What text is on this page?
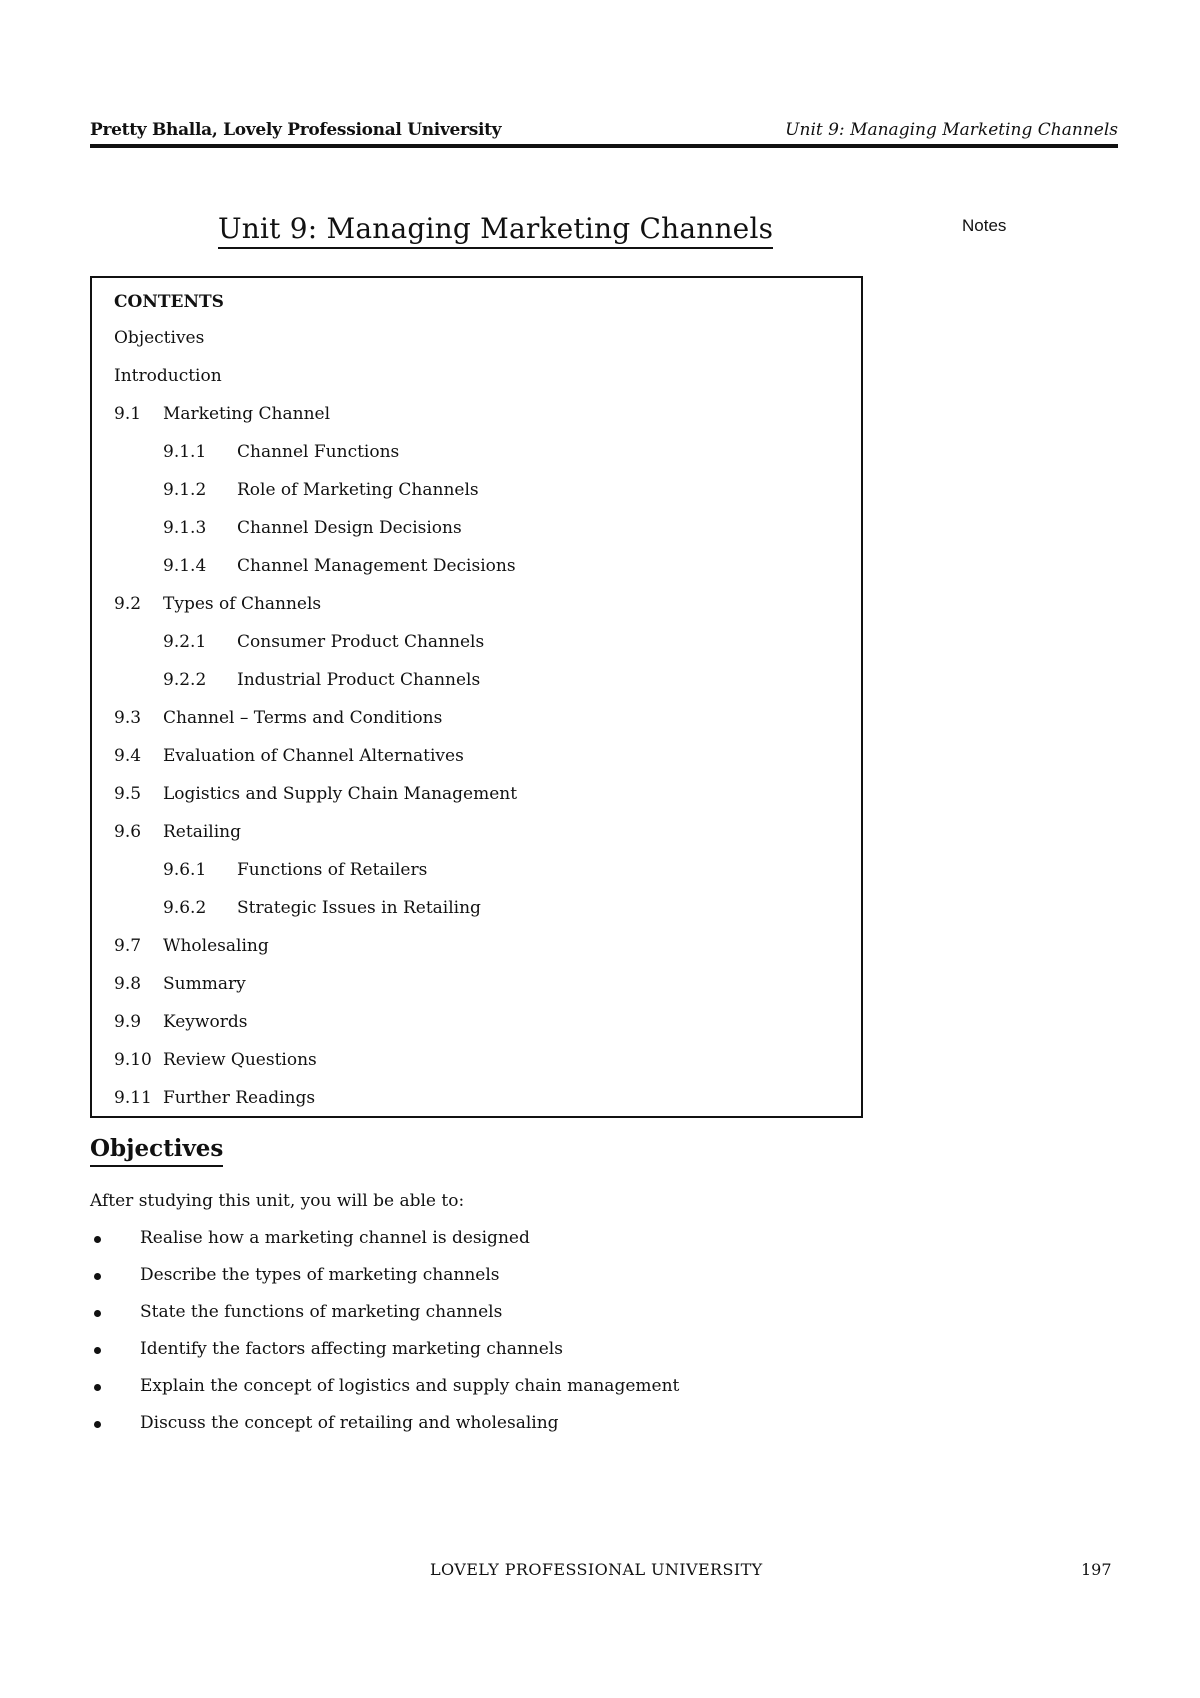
Pretty Bhalla, Lovely Professional University	Unit 9: Managing Marketing Channels
Unit 9: Managing Marketing Channels	Notes
CONTENTS
Objectives
Introduction
9.1 Marketing Channel
9.1.1 Channel Functions
9.1.2 Role of Marketing Channels
9.1.3 Channel Design Decisions
9.1.4 Channel Management Decisions
9.2 Types of Channels
9.2.1 Consumer Product Channels
9.2.2 Industrial Product Channels
9.3 Channel – Terms and Conditions
9.4 Evaluation of Channel Alternatives
9.5 Logistics and Supply Chain Management
9.6 Retailing
9.6.1 Functions of Retailers
9.6.2 Strategic Issues in Retailing
9.7 Wholesaling
9.8 Summary
9.9 Keywords
9.10 Review Questions
9.11 Further Readings
Objectives
After studying this unit, you will be able to:
Realise how a marketing channel is designed
Describe the types of marketing channels
State the functions of marketing channels
Identify the factors affecting marketing channels
Explain the concept of logistics and supply chain management
Discuss the concept of retailing and wholesaling
LOVELY PROFESSIONAL UNIVERSITY	197
